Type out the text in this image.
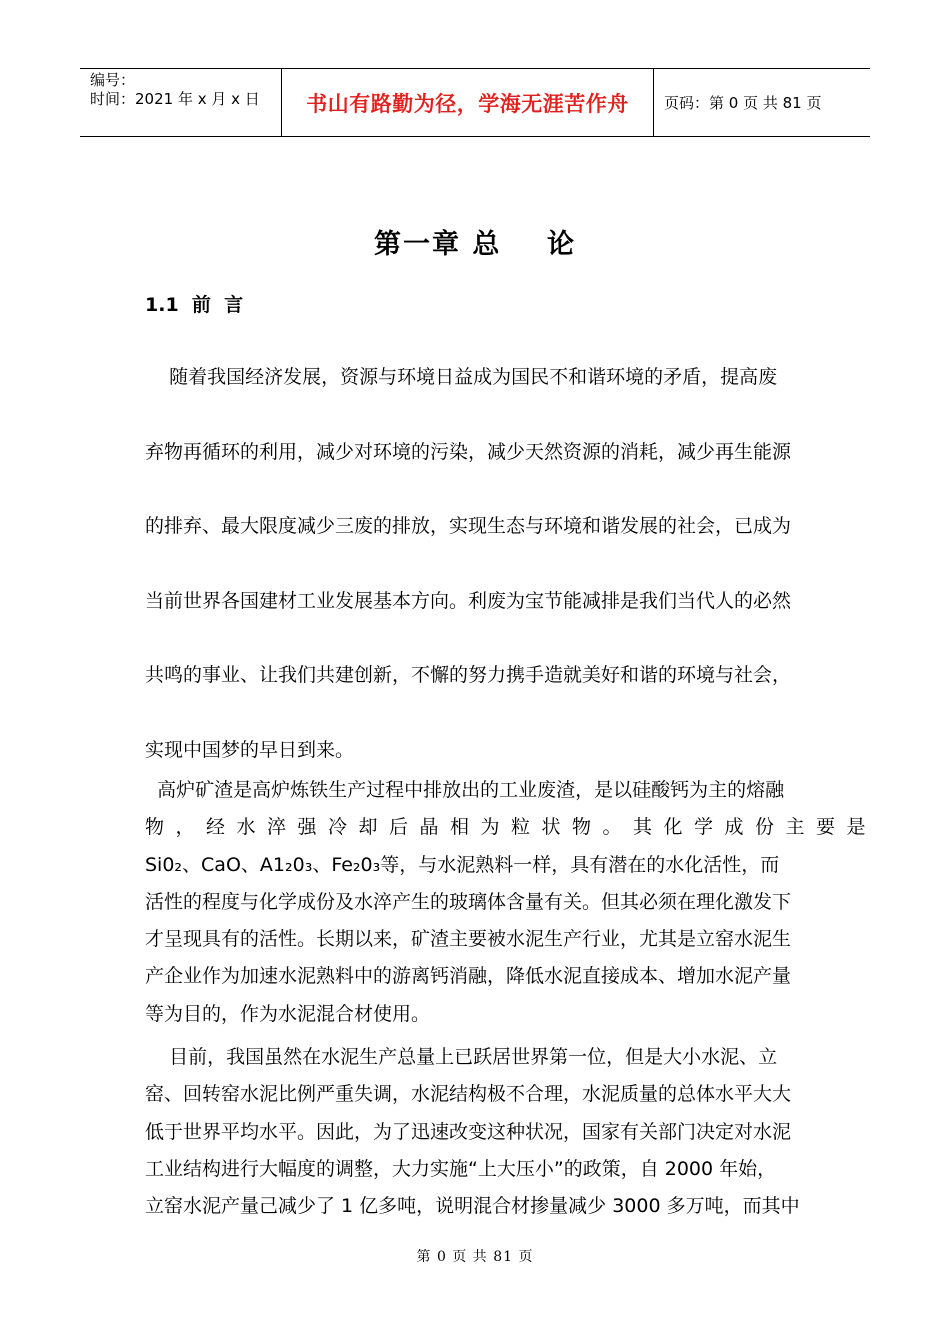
编号：
时间：2021 年 x 月 x 日	书山有路勤为径，学海无涯苦作舟	页码：第 0 页 共 81 页
第一章 总    论
1.1  前  言
随着我国经济发展，资源与环境日益成为国民不和谐环境的矛盾，提高废
弃物再循环的利用，减少对环境的污染，减少天然资源的消耗，减少再生能源
的排弃、最大限度减少三废的排放，实现生态与环境和谐发展的社会，已成为
当前世界各国建材工业发展基本方向。利废为宝节能减排是我们当代人的必然
共鸣的事业、让我们共建创新，不懈的努力携手造就美好和谐的环境与社会，
实现中国梦的早日到来。
高炉矿渣是高炉炼铁生产过程中排放出的工业废渣，是以硅酸钙为主的熔融
物，经水淬强冷却后晶相为粒状物。其化学成份主要是
Si0₂、CaO、A1₂0₃、Fe₂0₃等，与水泥熟料一样，具有潜在的水化活性，而
活性的程度与化学成份及水淬产生的玻璃体含量有关。但其必须在理化激发下
才呈现具有的活性。长期以来，矿渣主要被水泥生产行业，尤其是立窑水泥生
产企业作为加速水泥熟料中的游离钙消融，降低水泥直接成本、增加水泥产量
等为目的，作为水泥混合材使用。
目前，我国虽然在水泥生产总量上已跃居世界第一位，但是大小水泥、立
窑、回转窑水泥比例严重失调，水泥结构极不合理，水泥质量的总体水平大大
低于世界平均水平。因此，为了迅速改变这种状况，国家有关部门决定对水泥
工业结构进行大幅度的调整，大力实施“上大压小”的政策，自 2000 年始，
立窑水泥产量己减少了 1 亿多吨，说明混合材掺量减少 3000 多万吨，而其中
第 0 页 共 81 页
